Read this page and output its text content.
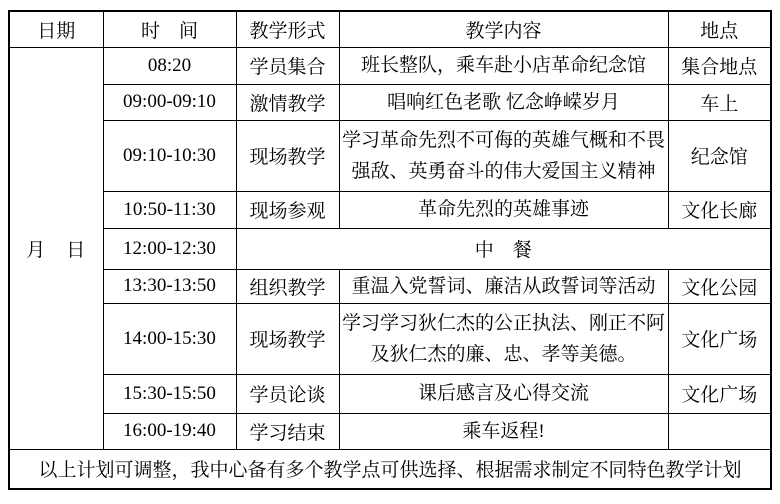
日期	时　间	教学形式	教学内容	地点
月　日	08:20	学员集合	班长整队，乘车赴小店革命纪念馆	集合地点
	09:00-09:10	激情教学	唱响红色老歌 忆念峥嵘岁月	车上
	09:10-10:30	现场教学	学习革命先烈不可侮的英雄气概和不畏强敌、英勇奋斗的伟大爱国主义精神	纪念馆
	10:50-11:30	现场参观	革命先烈的英雄事迹	文化长廊
	12:00-12:30	中　餐		
	13:30-13:50	组织教学	重温入党誓词、廉洁从政誓词等活动	文化公园
	14:00-15:30	现场教学	学习学习狄仁杰的公正执法、刚正不阿及狄仁杰的廉、忠、孝等美德。	文化广场
	15:30-15:50	学员论谈	课后感言及心得交流	文化广场
	16:00-19:40	学习结束	乘车返程!	
以上计划可调整，我中心备有多个教学点可供选择、根据需求制定不同特色教学计划				
